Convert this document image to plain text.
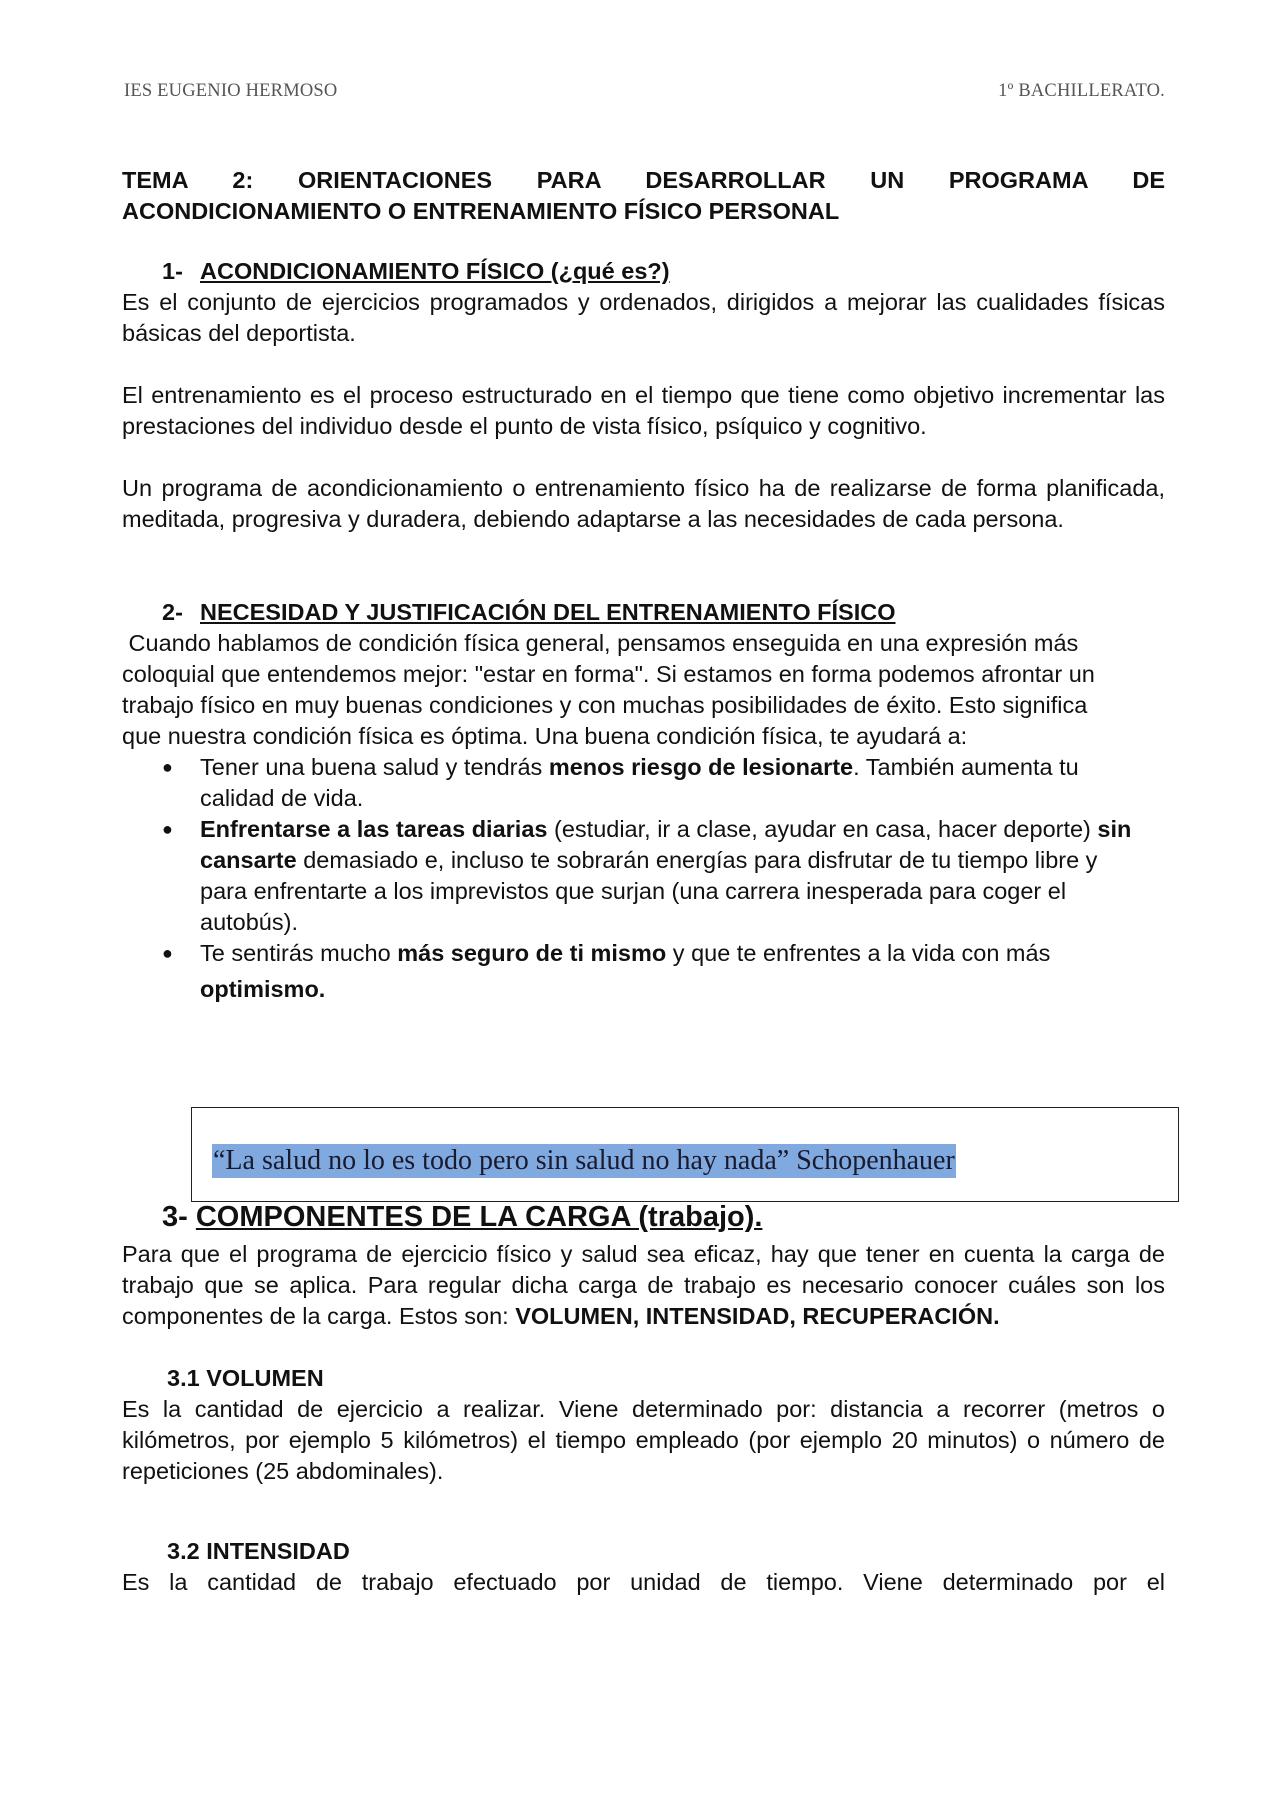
IES EUGENIO HERMOSO	1º BACHILLERATO.
TEMA 2: ORIENTACIONES PARA DESARROLLAR UN PROGRAMA DE
ACONDICIONAMIENTO O ENTRENAMIENTO FÍSICO PERSONAL
1- ACONDICIONAMIENTO FÍSICO (¿qué es?)

Es el conjunto de ejercicios programados y ordenados, dirigidos a mejorar las cualidades físicas básicas del deportista.

El entrenamiento es el proceso estructurado en el tiempo que tiene como objetivo incrementar las prestaciones del individuo desde el punto de vista físico, psíquico y cognitivo.

Un programa de acondicionamiento o entrenamiento físico ha de realizarse de forma planificada, meditada, progresiva y duradera, debiendo adaptarse a las necesidades de cada persona.

2- NECESIDAD Y JUSTIFICACIÓN DEL ENTRENAMIENTO FÍSICO

Cuando hablamos de condición física general, pensamos enseguida en una expresión más coloquial que entendemos mejor: "estar en forma". Si estamos en forma podemos afrontar un trabajo físico en muy buenas condiciones y con muchas posibilidades de éxito. Esto significa que nuestra condición física es óptima. Una buena condición física, te ayudará a:

● Tener una buena salud y tendrás menos riesgo de lesionarte. También aumenta tu calidad de vida.
● Enfrentarse a las tareas diarias (estudiar, ir a clase, ayudar en casa, hacer deporte) sin cansarte demasiado e, incluso te sobrarán energías para disfrutar de tu tiempo libre y para enfrentarte a los imprevistos que surjan (una carrera inesperada para coger el autobús).
● Te sentirás mucho más seguro de ti mismo y que te enfrentes a la vida con más
optimismo.
3- COMPONENTES DE LA CARGA (trabajo).

Para que el programa de ejercicio físico y salud sea eficaz, hay que tener en cuenta la carga de trabajo que se aplica. Para regular dicha carga de trabajo es necesario conocer cuáles son los componentes de la carga. Estos son: VOLUMEN, INTENSIDAD, RECUPERACIÓN.

3.1 VOLUMEN

Es la cantidad de ejercicio a realizar. Viene determinado por: distancia a recorrer (metros o kilómetros, por ejemplo 5 kilómetros) el tiempo empleado (por ejemplo 20 minutos) o número de repeticiones (25 abdominales).

3.2 INTENSIDAD

Es la cantidad de trabajo efectuado por unidad de tiempo. Viene determinado por el

“La salud no lo es todo pero sin salud no hay nada” Schopenhauer
